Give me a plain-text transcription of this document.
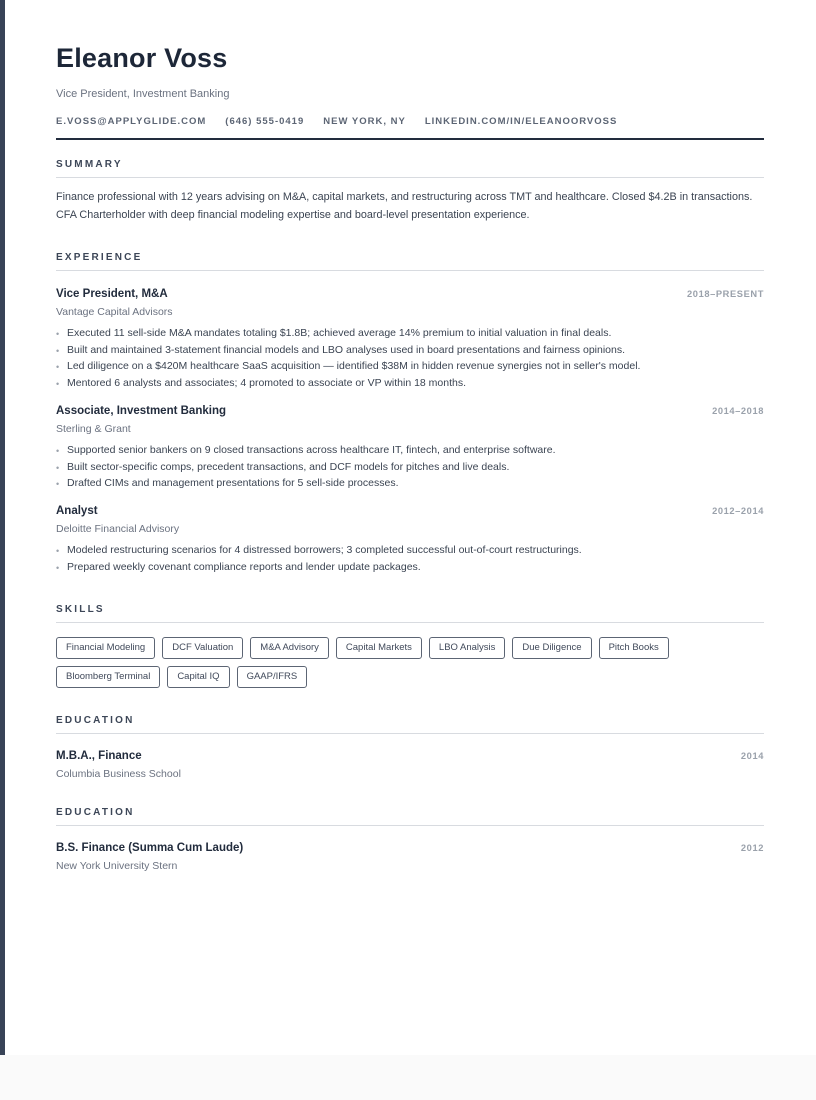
Eleanor Voss
Vice President, Investment Banking
E.VOSS@APPLYGLIDE.COM (646) 555-0419 NEW YORK, NY LINKEDIN.COM/IN/ELEANOORVOSS
SUMMARY
Finance professional with 12 years advising on M&A, capital markets, and restructuring across TMT and healthcare. Closed $4.2B in transactions. CFA Charterholder with deep financial modeling expertise and board-level presentation experience.
EXPERIENCE
Vice President, M&A	2018–PRESENT
Vantage Capital Advisors
• Executed 11 sell-side M&A mandates totaling $1.8B; achieved average 14% premium to initial valuation in final deals.
• Built and maintained 3-statement financial models and LBO analyses used in board presentations and fairness opinions.
• Led diligence on a $420M healthcare SaaS acquisition — identified $38M in hidden revenue synergies not in seller's model.
• Mentored 6 analysts and associates; 4 promoted to associate or VP within 18 months.
Associate, Investment Banking	2014–2018
Sterling & Grant
• Supported senior bankers on 9 closed transactions across healthcare IT, fintech, and enterprise software.
• Built sector-specific comps, precedent transactions, and DCF models for pitches and live deals.
• Drafted CIMs and management presentations for 5 sell-side processes.
Analyst	2012–2014
Deloitte Financial Advisory
• Modeled restructuring scenarios for 4 distressed borrowers; 3 completed successful out-of-court restructurings.
• Prepared weekly covenant compliance reports and lender update packages.
SKILLS
Financial Modeling	DCF Valuation	M&A Advisory	Capital Markets	LBO Analysis	Due Diligence	Pitch Books
Bloomberg Terminal	Capital IQ	GAAP/IFRS
EDUCATION
M.B.A., Finance	2014
Columbia Business School
EDUCATION
B.S. Finance (Summa Cum Laude)	2012
New York University Stern
